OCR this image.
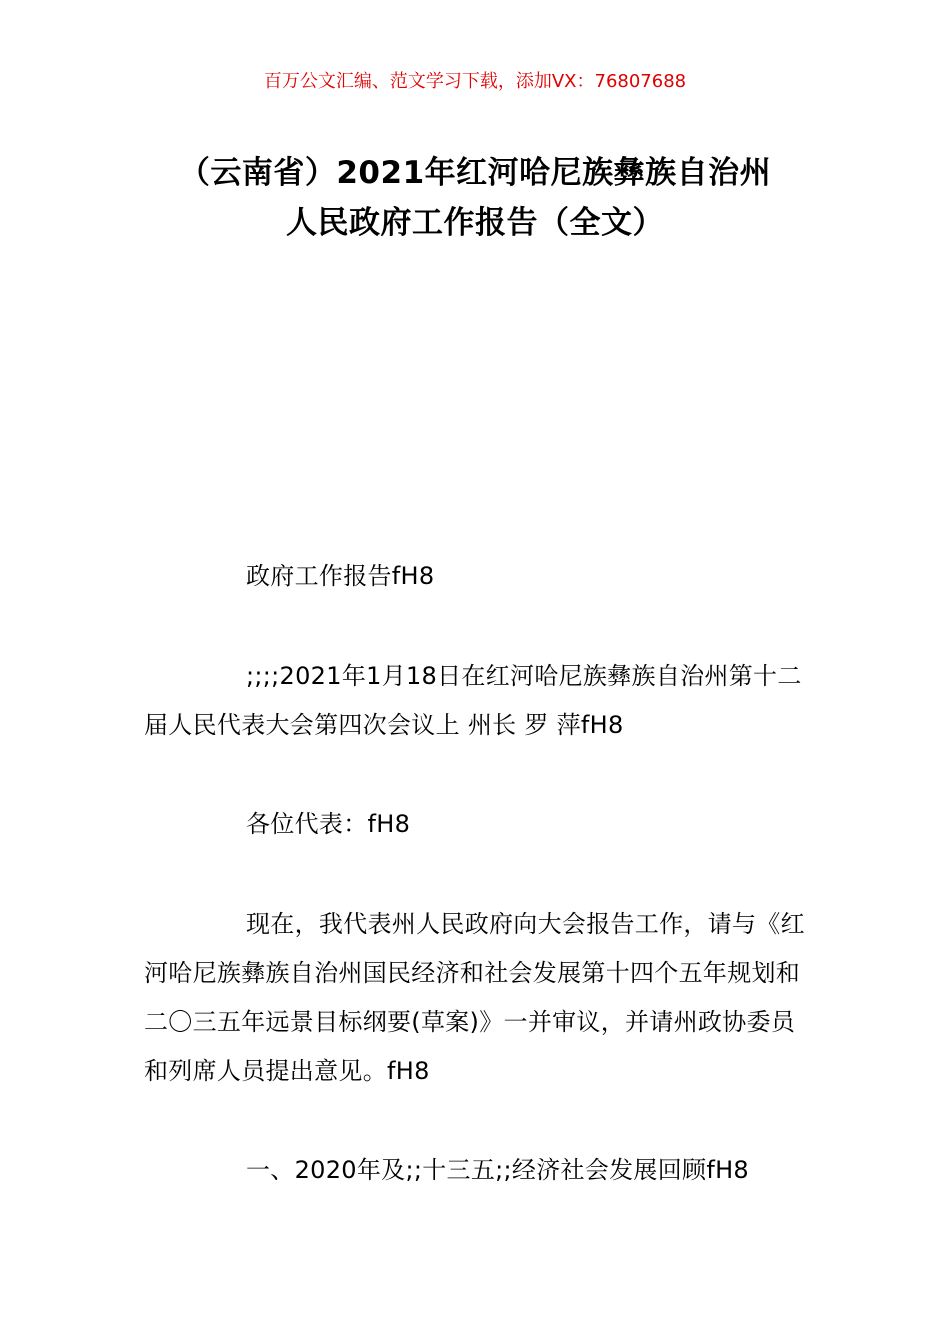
百万公文汇编、范文学习下载，添加VX：76807688
（云南省）2021年红河哈尼族彝族自治州
人民政府工作报告（全文）

政府工作报告fH8

;;;;2021年1月18日在红河哈尼族彝族自治州第十二届人民代表大会第四次会议上 州长 罗 萍fH8

各位代表：fH8

现在，我代表州人民政府向大会报告工作，请与《红河哈尼族彝族自治州国民经济和社会发展第十四个五年规划和二〇三五年远景目标纲要(草案)》一并审议，并请州政协委员和列席人员提出意见。fH8

一、2020年及;;十三五;;经济社会发展回顾fH8
